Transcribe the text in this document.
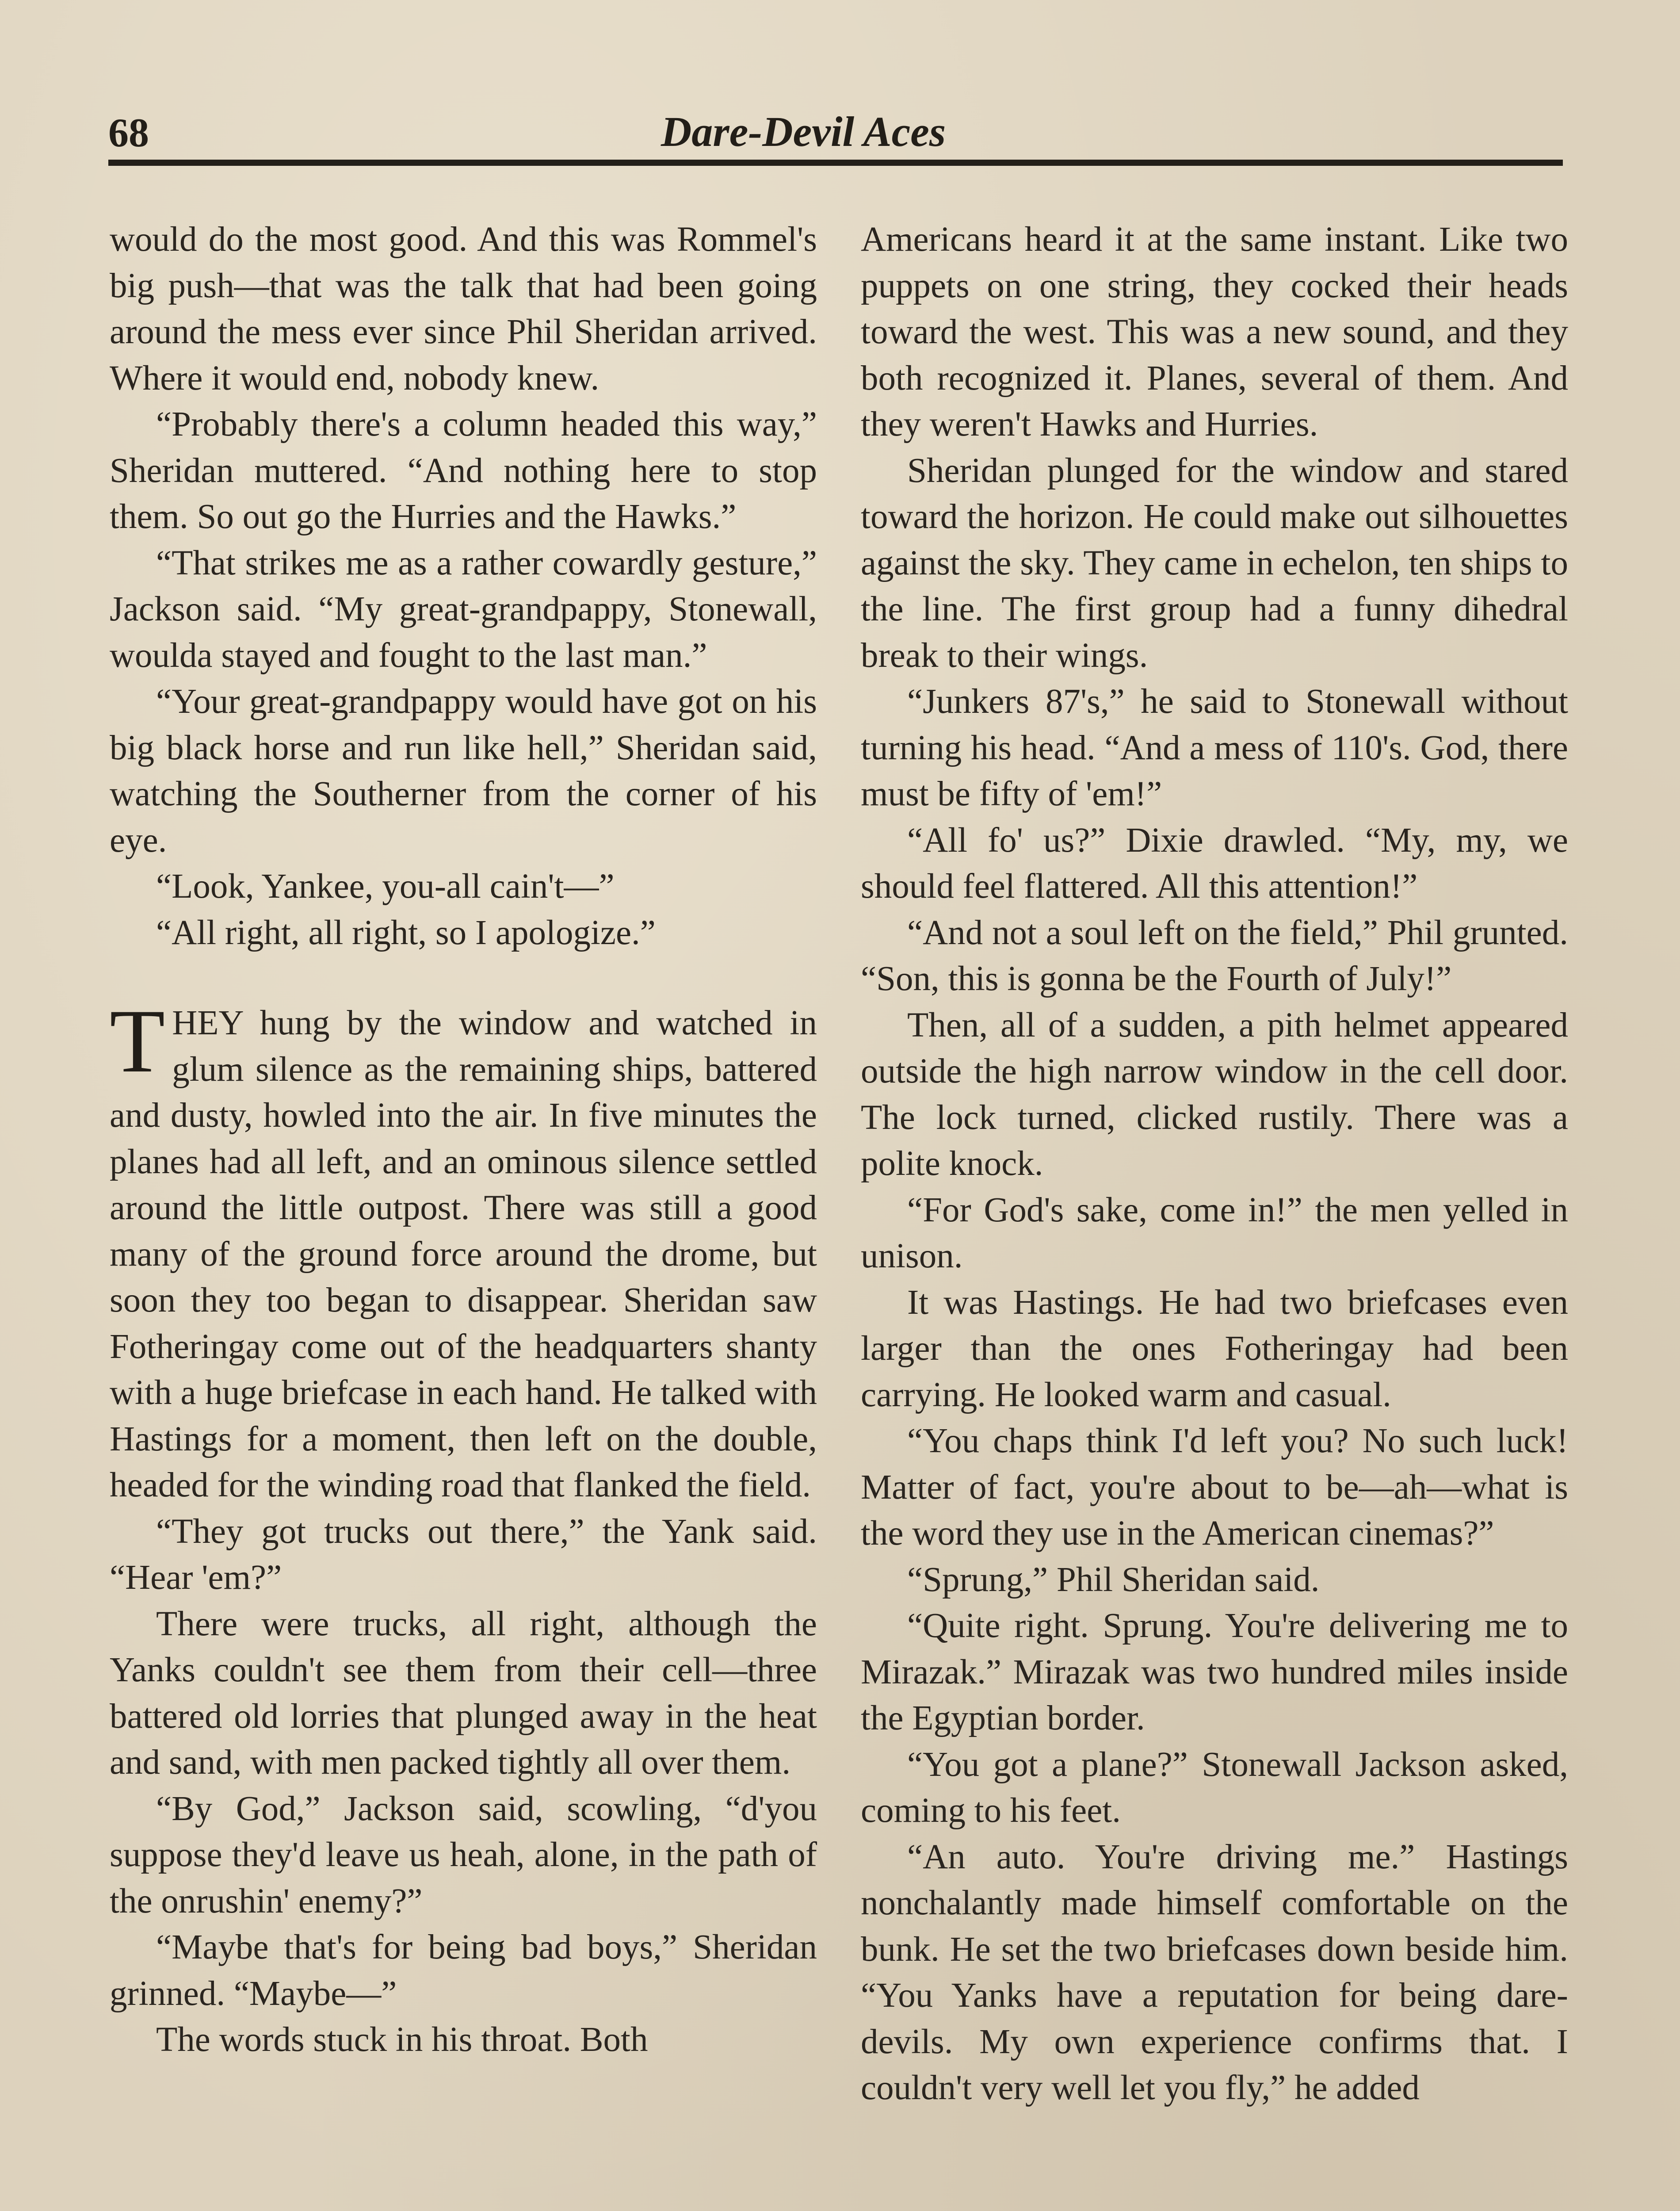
68	Dare-Devil Aces

would do the most good. And this was Rommel's big push—that was the talk that had been going around the mess ever since Phil Sheridan arrived. Where it would end, nobody knew.

“Probably there's a column headed this way,” Sheridan muttered. “And nothing here to stop them. So out go the Hurries and the Hawks.”

“That strikes me as a rather cowardly gesture,” Jackson said. “My great-grandpappy, Stonewall, woulda stayed and fought to the last man.”

“Your great-grandpappy would have got on his big black horse and run like hell,” Sheridan said, watching the Southerner from the corner of his eye.

“Look, Yankee, you-all cain't—”

“All right, all right, so I apologize.”

THEY hung by the window and watched in glum silence as the remaining ships, battered and dusty, howled into the air. In five minutes the planes had all left, and an ominous silence settled around the little outpost. There was still a good many of the ground force around the drome, but soon they too began to disappear. Sheridan saw Fotheringay come out of the headquarters shanty with a huge briefcase in each hand. He talked with Hastings for a moment, then left on the double, headed for the winding road that flanked the field.

“They got trucks out there,” the Yank said. “Hear 'em?”

There were trucks, all right, although the Yanks couldn't see them from their cell—three battered old lorries that plunged away in the heat and sand, with men packed tightly all over them.

“By God,” Jackson said, scowling, “d'you suppose they'd leave us heah, alone, in the path of the onrushin' enemy?”

“Maybe that's for being bad boys,” Sheridan grinned. “Maybe—”

The words stuck in his throat. Both

Americans heard it at the same instant. Like two puppets on one string, they cocked their heads toward the west. This was a new sound, and they both recognized it. Planes, several of them. And they weren't Hawks and Hurries.

Sheridan plunged for the window and stared toward the horizon. He could make out silhouettes against the sky. They came in echelon, ten ships to the line. The first group had a funny dihedral break to their wings.

“Junkers 87's,” he said to Stonewall without turning his head. “And a mess of 110's. God, there must be fifty of 'em!”

“All fo' us?” Dixie drawled. “My, my, we should feel flattered. All this attention!”

“And not a soul left on the field,” Phil grunted. “Son, this is gonna be the Fourth of July!”

Then, all of a sudden, a pith helmet appeared outside the high narrow window in the cell door. The lock turned, clicked rustily. There was a polite knock.

“For God's sake, come in!” the men yelled in unison.

It was Hastings. He had two briefcases even larger than the ones Fotheringay had been carrying. He looked warm and casual.

“You chaps think I'd left you? No such luck! Matter of fact, you're about to be—ah—what is the word they use in the American cinemas?”

“Sprung,” Phil Sheridan said.

“Quite right. Sprung. You're delivering me to Mirazak.” Mirazak was two hundred miles inside the Egyptian border.

“You got a plane?” Stonewall Jackson asked, coming to his feet.

“An auto. You're driving me.” Hastings nonchalantly made himself comfortable on the bunk. He set the two briefcases down beside him. “You Yanks have a reputation for being dare-devils. My own experience confirms that. I couldn't very well let you fly,” he added
